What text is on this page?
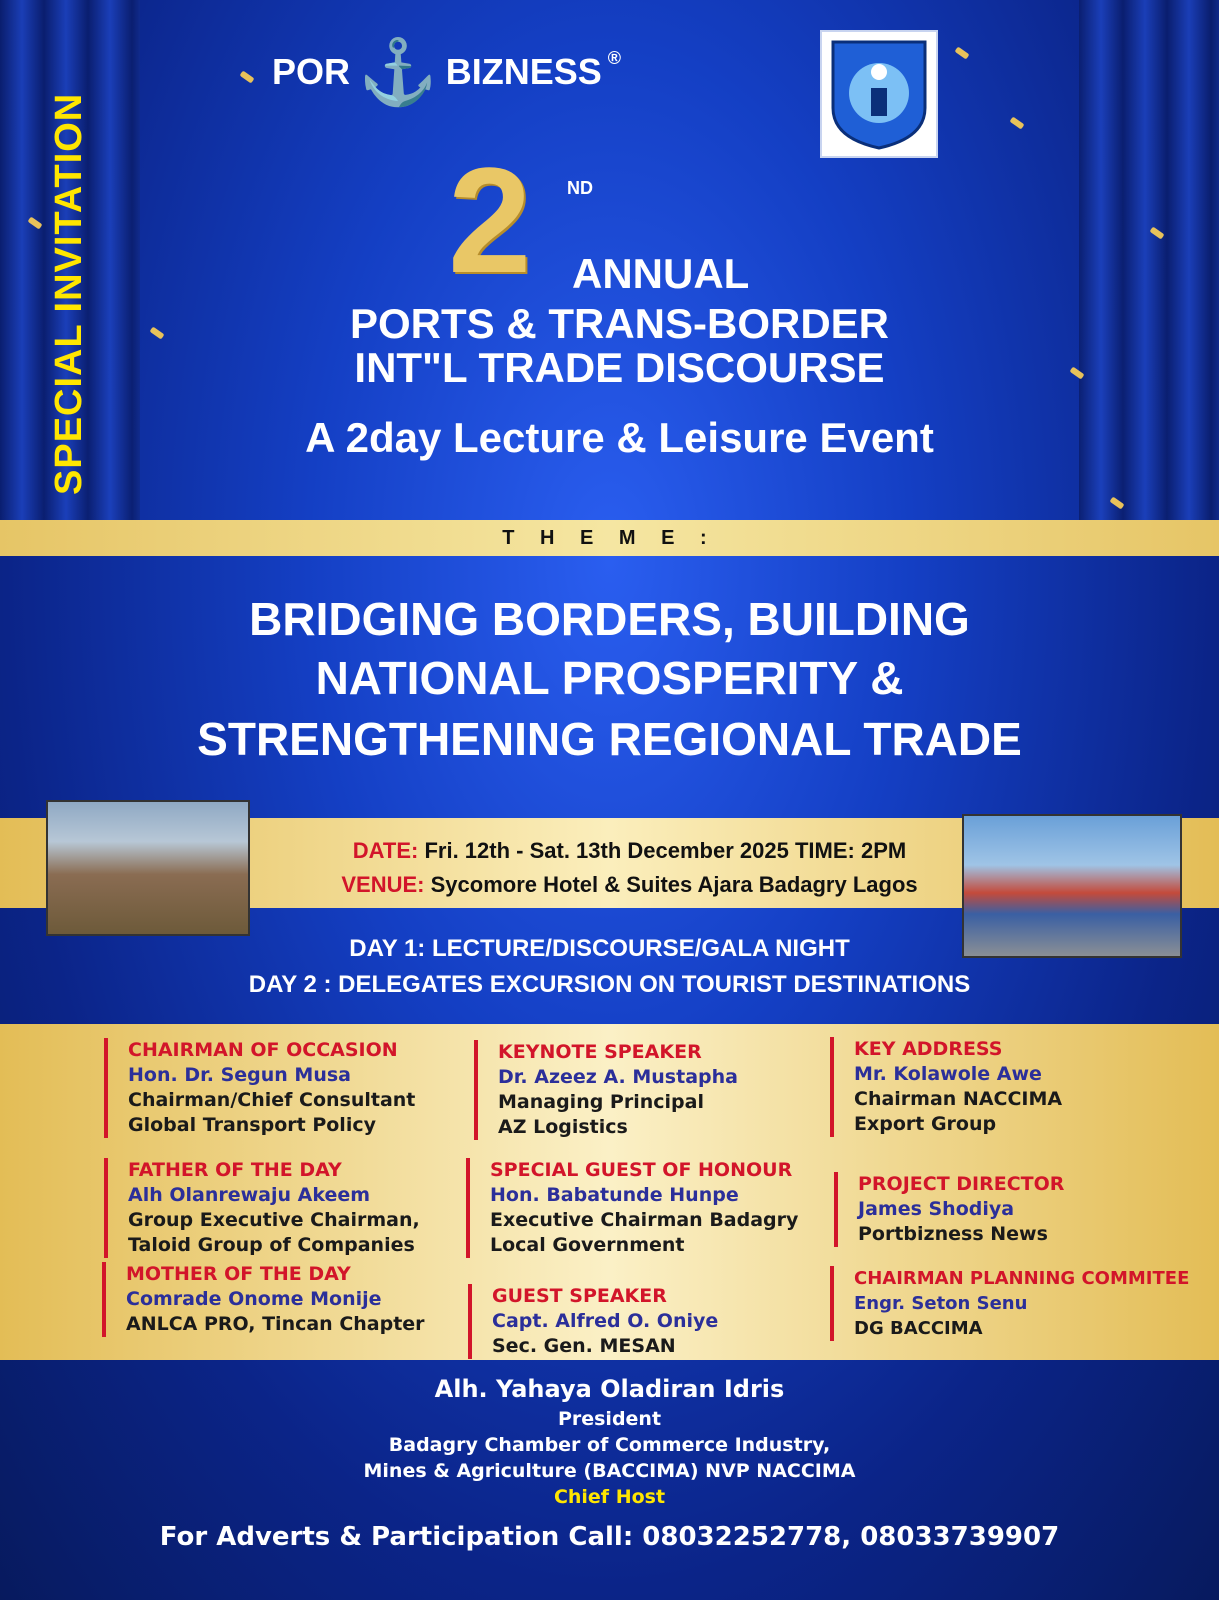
SPECIAL INVITATION
POR ⚓ BIZNESS ®
2 ND
ANNUAL
PORTS & TRANS-BORDER
INT"L TRADE DISCOURSE
A 2day Lecture & Leisure Event
T H E M E :
BRIDGING BORDERS, BUILDING
NATIONAL PROSPERITY &
STRENGTHENING REGIONAL TRADE
DATE: Fri. 12th - Sat. 13th December 2025 TIME: 2PM
VENUE: Sycomore Hotel & Suites Ajara Badagry Lagos
DAY 1: LECTURE/DISCOURSE/GALA NIGHT
DAY 2 : DELEGATES EXCURSION ON TOURIST DESTINATIONS
CHAIRMAN OF OCCASION
Hon. Dr. Segun Musa
Chairman/Chief Consultant
Global Transport Policy
KEYNOTE SPEAKER
Dr. Azeez A. Mustapha
Managing Principal
AZ Logistics
KEY ADDRESS
Mr. Kolawole Awe
Chairman NACCIMA
Export Group
FATHER OF THE DAY
Alh Olanrewaju Akeem
Group Executive Chairman,
Taloid Group of Companies
SPECIAL GUEST OF HONOUR
Hon. Babatunde Hunpe
Executive Chairman Badagry
Local Government
PROJECT DIRECTOR
James Shodiya
Portbizness News
MOTHER OF THE DAY
Comrade Onome Monije
ANLCA PRO, Tincan Chapter
GUEST SPEAKER
Capt. Alfred O. Oniye
Sec. Gen. MESAN
CHAIRMAN PLANNING COMMITEE
Engr. Seton Senu
DG BACCIMA
Alh. Yahaya Oladiran Idris
President
Badagry Chamber of Commerce Industry,
Mines & Agriculture (BACCIMA) NVP NACCIMA
Chief Host
For Adverts & Participation Call: 08032252778, 08033739907
